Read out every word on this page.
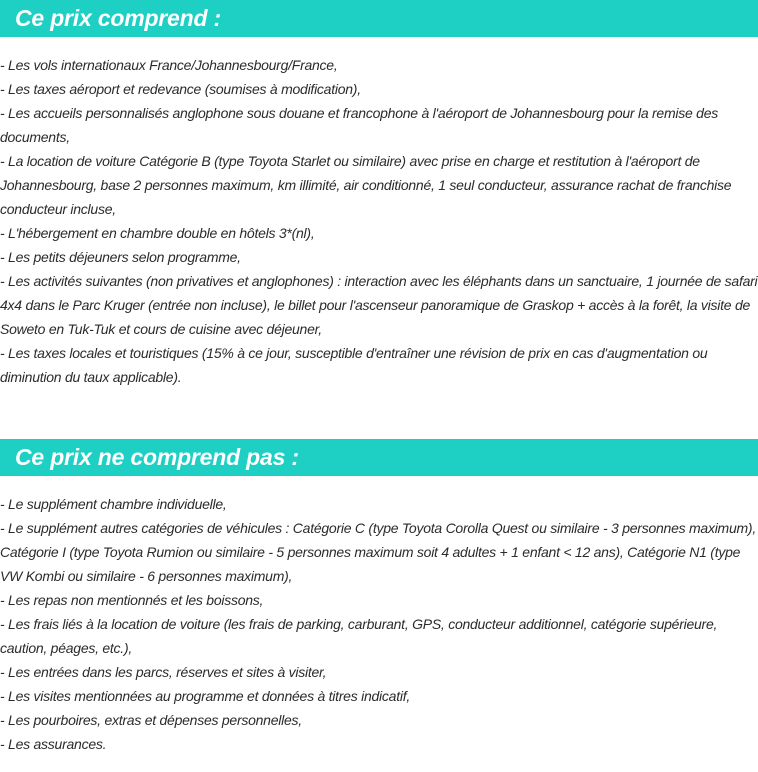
Ce prix comprend :
- Les vols internationaux France/Johannesbourg/France,
- Les taxes aéroport et redevance (soumises à modification),
- Les accueils personnalisés anglophone sous douane et francophone à l'aéroport de Johannesbourg pour la remise des documents,
- La location de voiture Catégorie B (type Toyota Starlet ou similaire) avec prise en charge et restitution à l'aéroport de Johannesbourg, base 2 personnes maximum, km illimité, air conditionné, 1 seul conducteur, assurance rachat de franchise conducteur incluse,
- L'hébergement en chambre double en hôtels 3*(nl),
- Les petits déjeuners selon programme,
- Les activités suivantes (non privatives et anglophones) : interaction avec les éléphants dans un sanctuaire, 1 journée de safari 4x4 dans le Parc Kruger (entrée non incluse), le billet pour l'ascenseur panoramique de Graskop + accès à la forêt, la visite de Soweto en Tuk-Tuk et cours de cuisine avec déjeuner,
- Les taxes locales et touristiques (15% à ce jour, susceptible d'entraîner une révision de prix en cas d'augmentation ou diminution du taux applicable).
Ce prix ne comprend pas :
- Le supplément chambre individuelle,
- Le supplément autres catégories de véhicules : Catégorie C (type Toyota Corolla Quest ou similaire - 3 personnes maximum), Catégorie I (type Toyota Rumion ou similaire - 5 personnes maximum soit 4 adultes + 1 enfant < 12 ans), Catégorie N1 (type VW Kombi ou similaire - 6 personnes maximum),
- Les repas non mentionnés et les boissons,
- Les frais liés à la location de voiture (les frais de parking, carburant, GPS, conducteur additionnel, catégorie supérieure, caution, péages, etc.),
- Les entrées dans les parcs, réserves et sites à visiter,
- Les visites mentionnées au programme et données à titres indicatif,
- Les pourboires, extras et dépenses personnelles,
- Les assurances.
